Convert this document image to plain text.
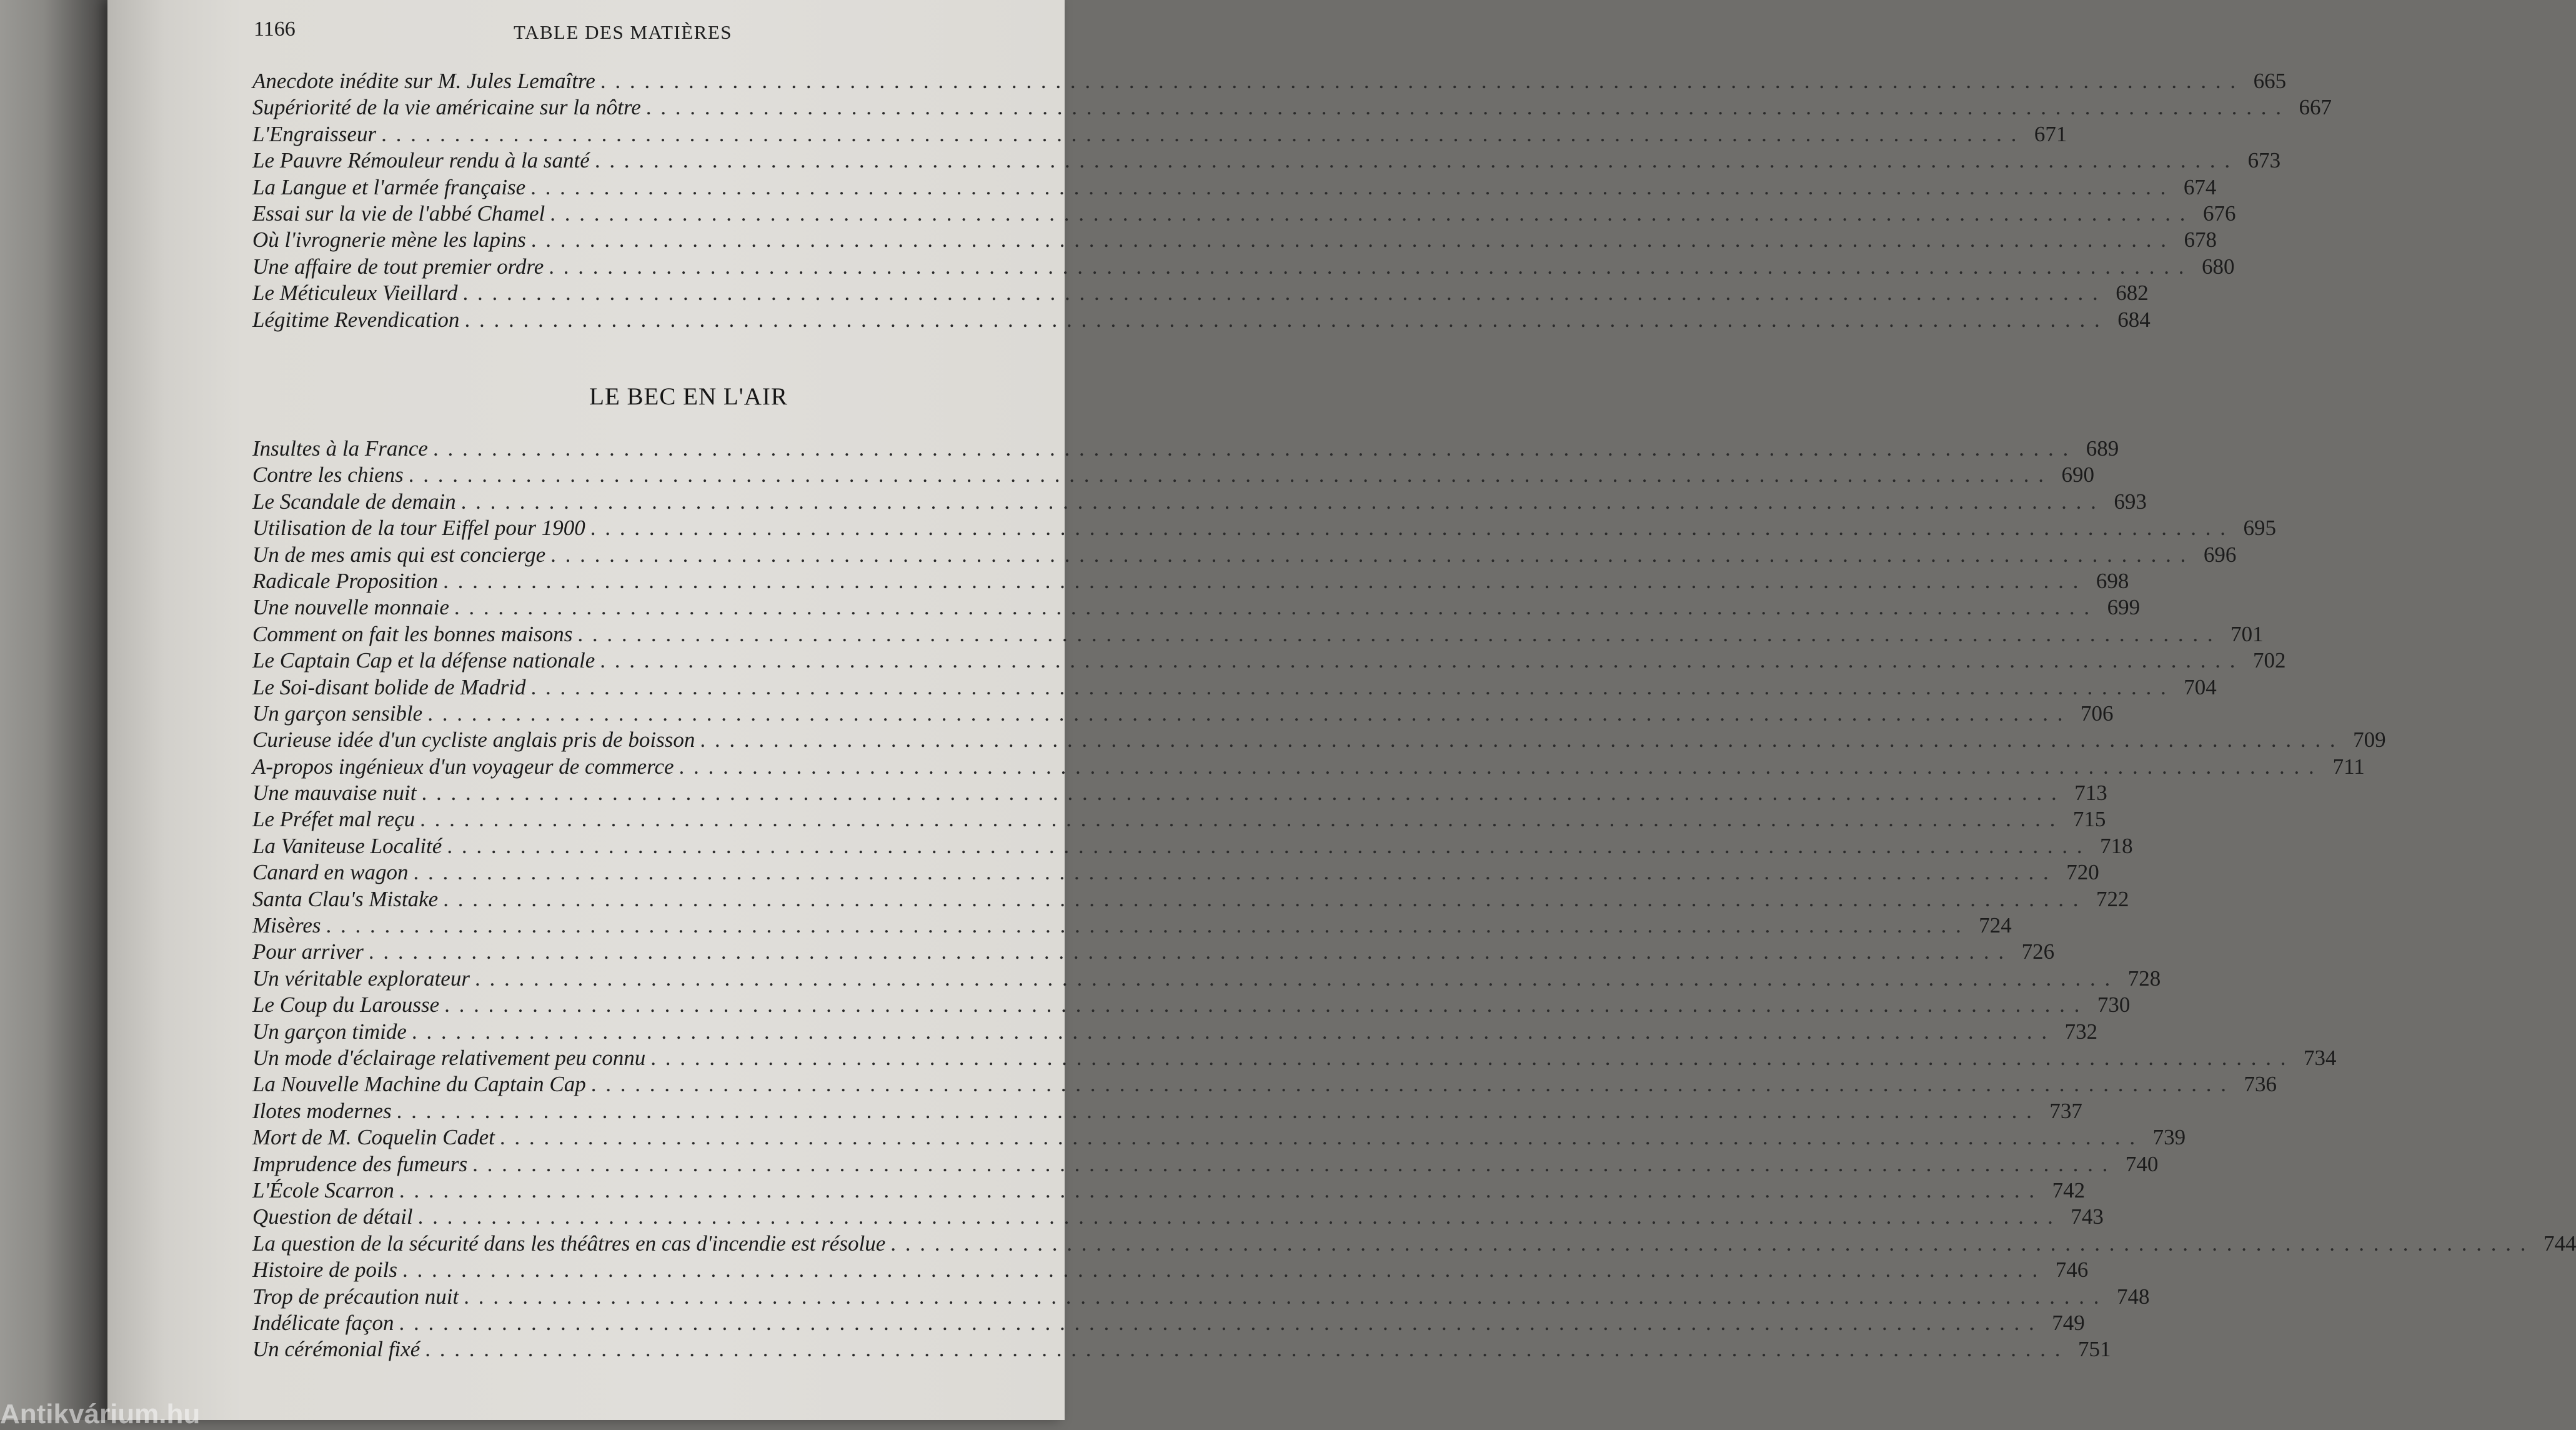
1166	TABLE DES MATIÈRES
Anecdote inédite sur M. Jules Lemaître . . .	665
Supériorité de la vie américaine sur la nôtre . . .	667
L'Engraisseur . . .	671
Le Pauvre Rémouleur rendu à la santé . . .	673
La Langue et l'armée française . . .	674
Essai sur la vie de l'abbé Chamel . . .	676
Où l'ivrognerie mène les lapins . . .	678
Une affaire de tout premier ordre . . .	680
Le Méticuleux Vieillard . . .	682
Légitime Revendication . . .	684
LE BEC EN L'AIR
Insultes à la France . . .	689
Contre les chiens . . .	690
Le Scandale de demain . . .	693
Utilisation de la tour Eiffel pour 1900 . . .	695
Un de mes amis qui est concierge . . .	696
Radicale Proposition . . .	698
Une nouvelle monnaie . . .	699
Comment on fait les bonnes maisons . . .	701
Le Captain Cap et la défense nationale . . .	702
Le Soi-disant bolide de Madrid . . .	704
Un garçon sensible . . .	706
Curieuse idée d'un cycliste anglais pris de boisson . . .	709
A-propos ingénieux d'un voyageur de commerce . . .	711
Une mauvaise nuit . . .	713
Le Préfet mal reçu . . .	715
La Vaniteuse Localité . . .	718
Canard en wagon . . .	720
Santa Clau's Mistake . . .	722
Misères . . .	724
Pour arriver . . .	726
Un véritable explorateur . . .	728
Le Coup du Larousse . . .	730
Un garçon timide . . .	732
Un mode d'éclairage relativement peu connu . . .	734
La Nouvelle Machine du Captain Cap . . .	736
Ilotes modernes . . .	737
Mort de M. Coquelin Cadet . . .	739
Imprudence des fumeurs . . .	740
L'École Scarron . . .	742
Question de détail . . .	743
La question de la sécurité dans les théâtres en cas d'incendie est résolue . . .	744
Histoire de poils . . .	746
Trop de précaution nuit . . .	748
Indélicate façon . . .	749
Un cérémonial fixé . . .	751
Antikvárium.hu
